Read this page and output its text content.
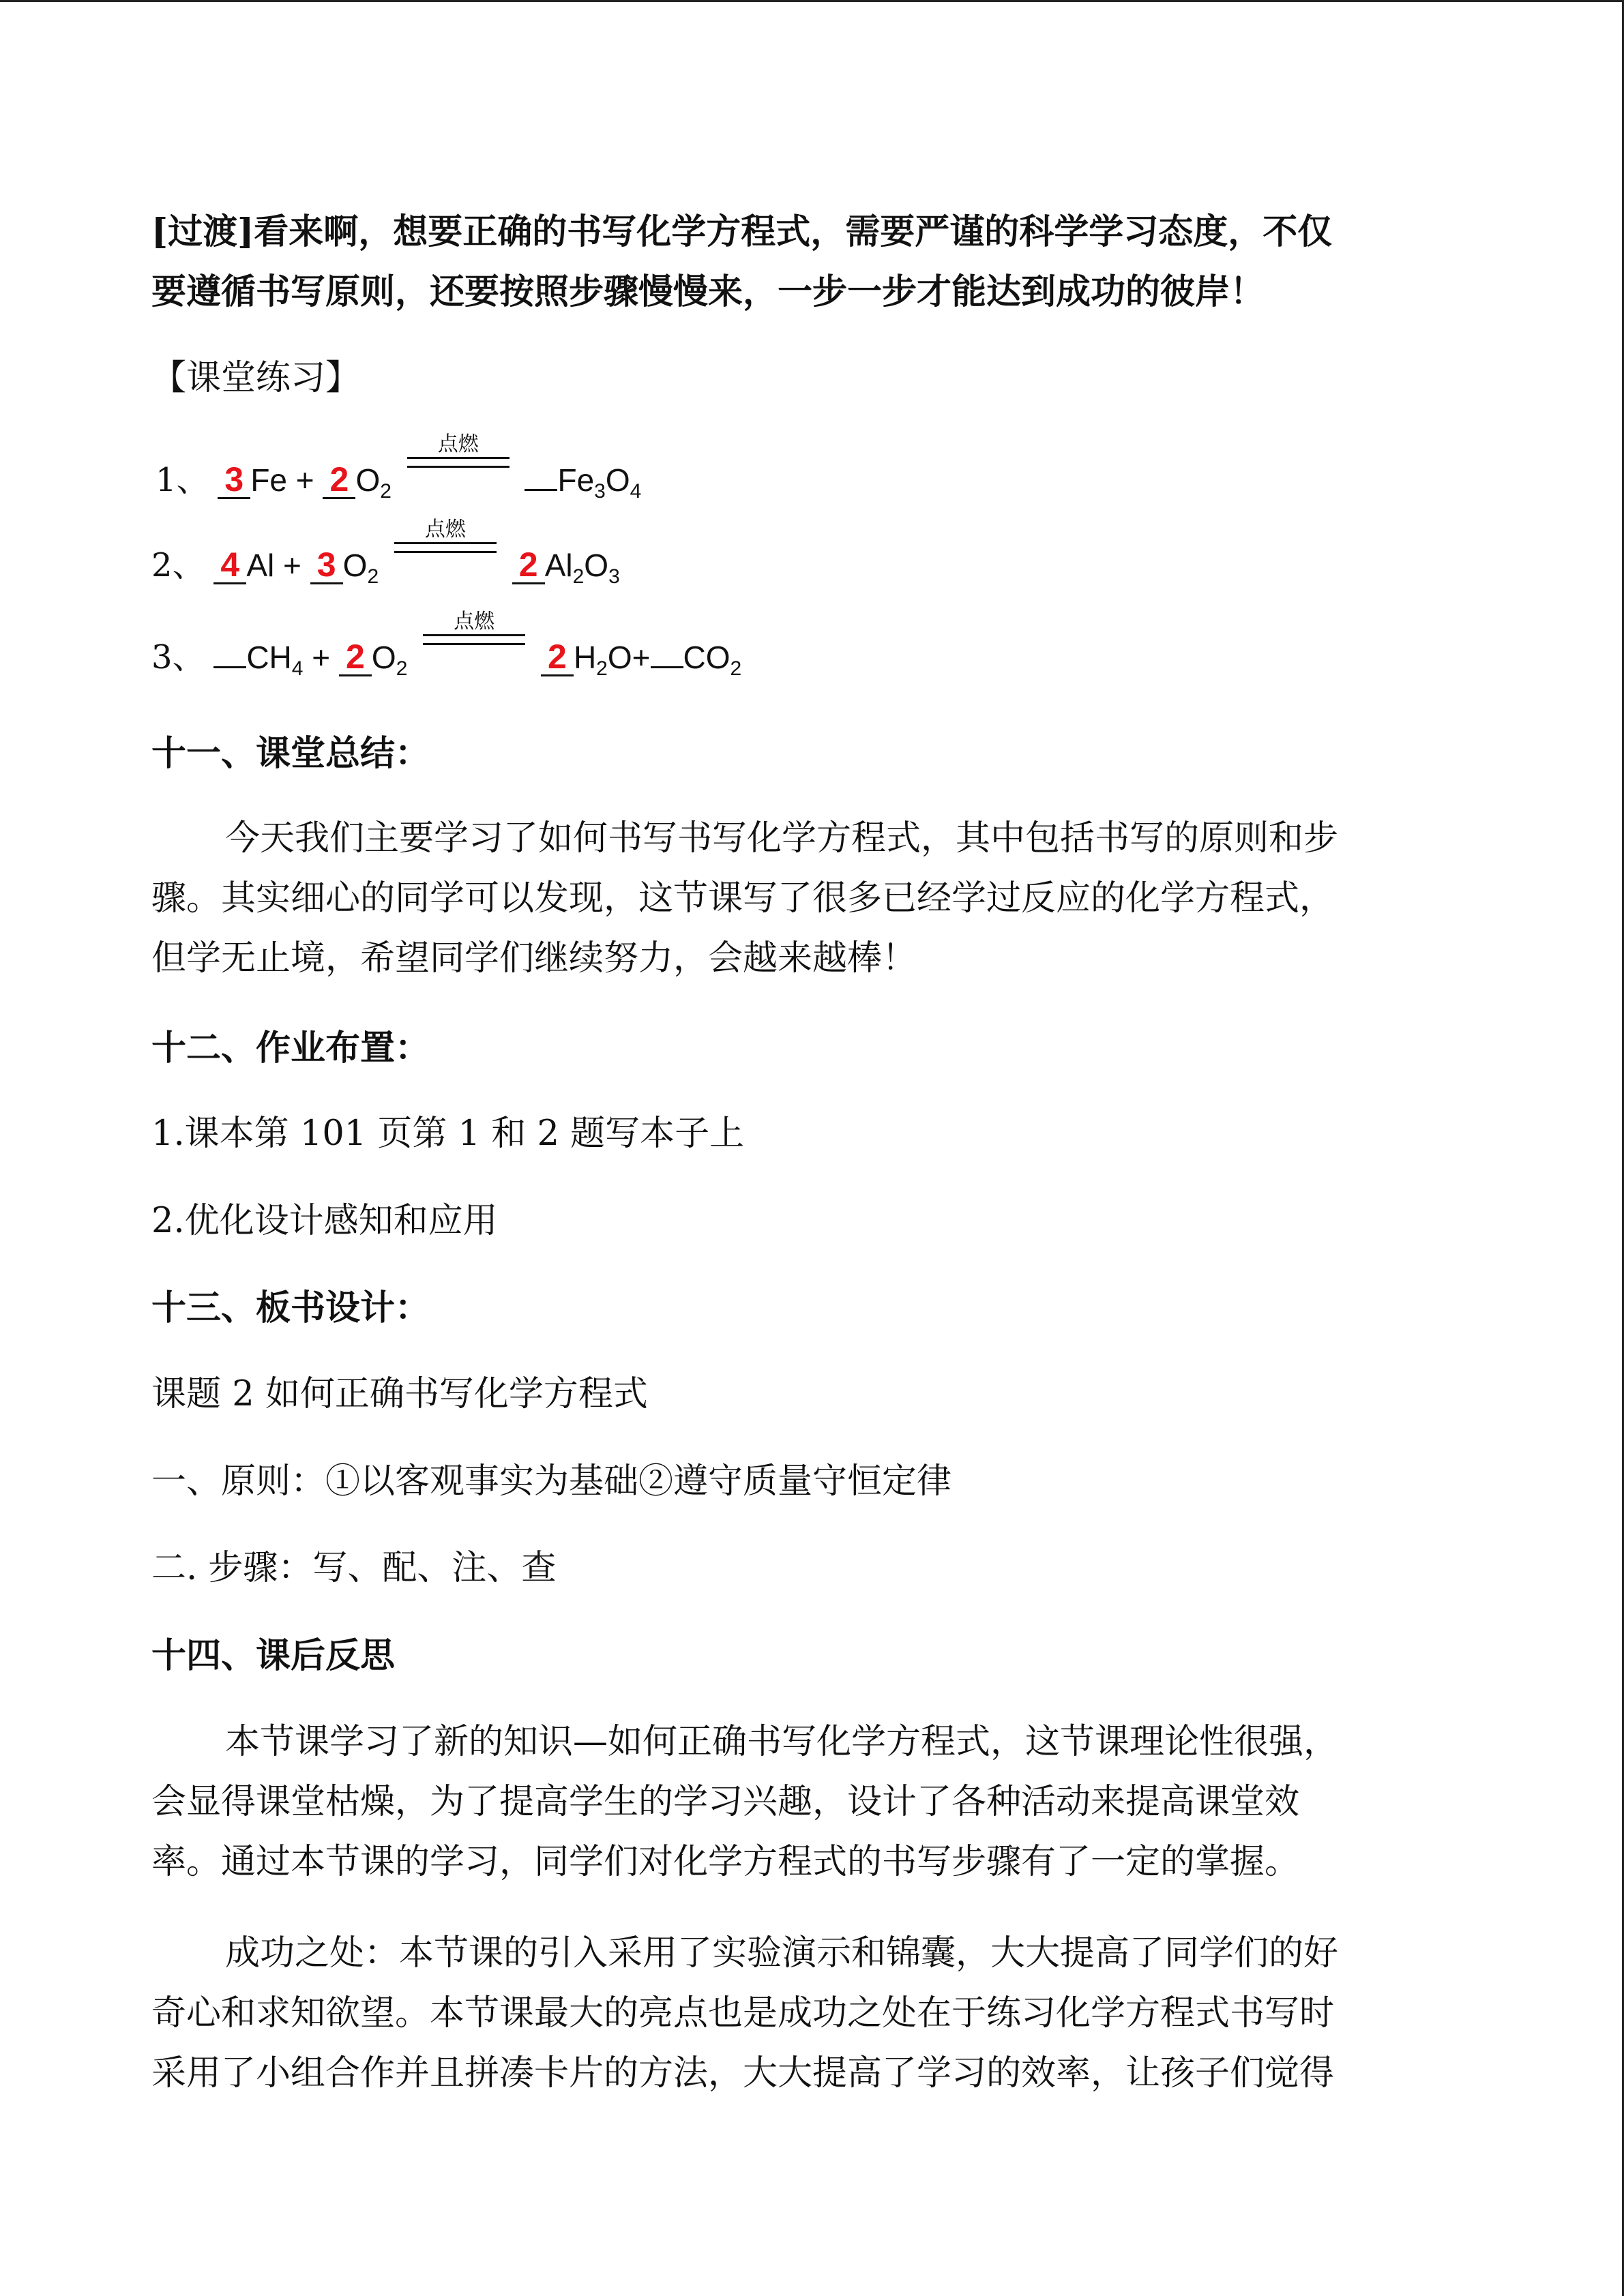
[过渡]看来啊，想要正确的书写化学方程式，需要严谨的科学学习态度，不仅
要遵循书写原则，还要按照步骤慢慢来，一步一步才能达到成功的彼岸！
【课堂练习】
1、 3 Fe + 2 $O_2$
点燃
$Fe_3O_4$
2、 4 Al + 3 $O_2$
点燃
2 $Al_2O_3$
3、 $CH_4 + 2$ $O_2$
点燃
2 $H_2O+ CO_2$
十一、课堂总结：
今天我们主要学习了如何书写书写化学方程式，其中包括书写的原则和步
骤。其实细心的同学可以发现，这节课写了很多已经学过反应的化学方程式，
但学无止境，希望同学们继续努力，会越来越棒！
十二、作业布置：
1.课本第 101 页第 1 和 2 题写本子上
2.优化设计感知和应用
十三、板书设计：
课题 2 如何正确书写化学方程式
一、原则：①以客观事实为基础②遵守质量守恒定律
二. 步骤：写、配、注、查
十四、课后反思
本节课学习了新的知识—如何正确书写化学方程式，这节课理论性很强，
会显得课堂枯燥，为了提高学生的学习兴趣，设计了各种活动来提高课堂效
率。通过本节课的学习，同学们对化学方程式的书写步骤有了一定的掌握。
成功之处：本节课的引入采用了实验演示和锦囊，大大提高了同学们的好
奇心和求知欲望。本节课最大的亮点也是成功之处在于练习化学方程式书写时
采用了小组合作并且拼凑卡片的方法，大大提高了学习的效率，让孩子们觉得
